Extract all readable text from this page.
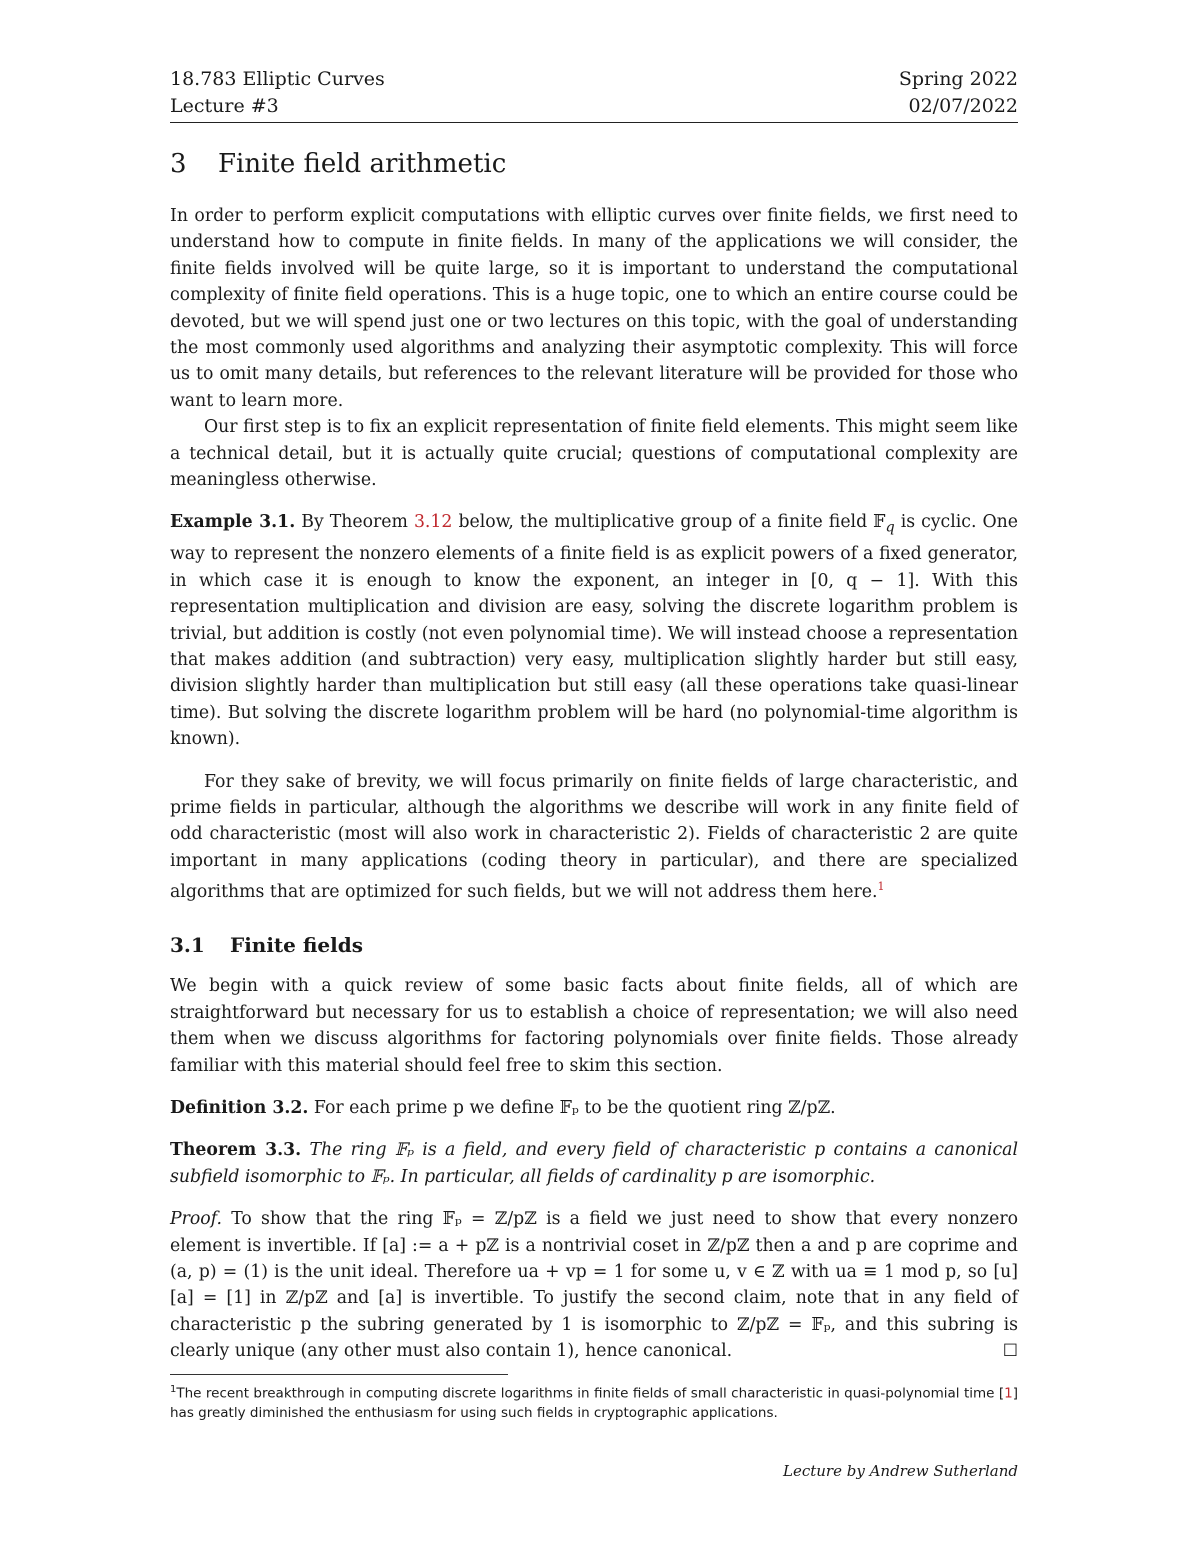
18.783 Elliptic Curves	Spring 2022
Lecture #3	02/07/2022
3 Finite field arithmetic

In order to perform explicit computations with elliptic curves over finite fields, we first need to understand how to compute in finite fields. In many of the applications we will consider, the finite fields involved will be quite large, so it is important to understand the computational complexity of finite field operations. This is a huge topic, one to which an entire course could be devoted, but we will spend just one or two lectures on this topic, with the goal of understanding the most commonly used algorithms and analyzing their asymptotic complexity. This will force us to omit many details, but references to the relevant literature will be provided for those who want to learn more.

Our first step is to fix an explicit representation of finite field elements. This might seem like a technical detail, but it is actually quite crucial; questions of computational complexity are meaningless otherwise.

Example 3.1. By Theorem 3.12 below, the multiplicative group of a finite field 𝔽$_q$ is cyclic. One way to represent the nonzero elements of a finite field is as explicit powers of a fixed generator, in which case it is enough to know the exponent, an integer in [0, q − 1]. With this representation multiplication and division are easy, solving the discrete logarithm problem is trivial, but addition is costly (not even polynomial time). We will instead choose a representation that makes addition (and subtraction) very easy, multiplication slightly harder but still easy, division slightly harder than multiplication but still easy (all these operations take quasi-linear time). But solving the discrete logarithm problem will be hard (no polynomial-time algorithm is known).

For they sake of brevity, we will focus primarily on finite fields of large characteristic, and prime fields in particular, although the algorithms we describe will work in any finite field of odd characteristic (most will also work in characteristic 2). Fields of characteristic 2 are quite important in many applications (coding theory in particular), and there are specialized algorithms that are optimized for such fields, but we will not address them here.$^1$

3.1 Finite fields

We begin with a quick review of some basic facts about finite fields, all of which are straightforward but necessary for us to establish a choice of representation; we will also need them when we discuss algorithms for factoring polynomials over finite fields. Those already familiar with this material should feel free to skim this section.

Definition 3.2. For each prime p we define 𝔽ₚ to be the quotient ring ℤ/pℤ.

Theorem 3.3. The ring 𝔽ₚ is a field, and every field of characteristic p contains a canonical subfield isomorphic to 𝔽ₚ. In particular, all fields of cardinality p are isomorphic.

Proof. To show that the ring 𝔽ₚ = ℤ/pℤ is a field we just need to show that every nonzero element is invertible. If [a] := a + pℤ is a nontrivial coset in ℤ/pℤ then a and p are coprime and (a, p) = (1) is the unit ideal. Therefore ua + vp = 1 for some u, v ∈ ℤ with ua ≡ 1 mod p, so [u][a] = [1] in ℤ/pℤ and [a] is invertible. To justify the second claim, note that in any field of characteristic p the subring generated by 1 is isomorphic to ℤ/pℤ = 𝔽ₚ, and this subring is clearly unique (any other must also contain 1), hence canonical.	☐

$^1$The recent breakthrough in computing discrete logarithms in finite fields of small characteristic in quasi-polynomial time [1] has greatly diminished the enthusiasm for using such fields in cryptographic applications.
Lecture by Andrew Sutherland
